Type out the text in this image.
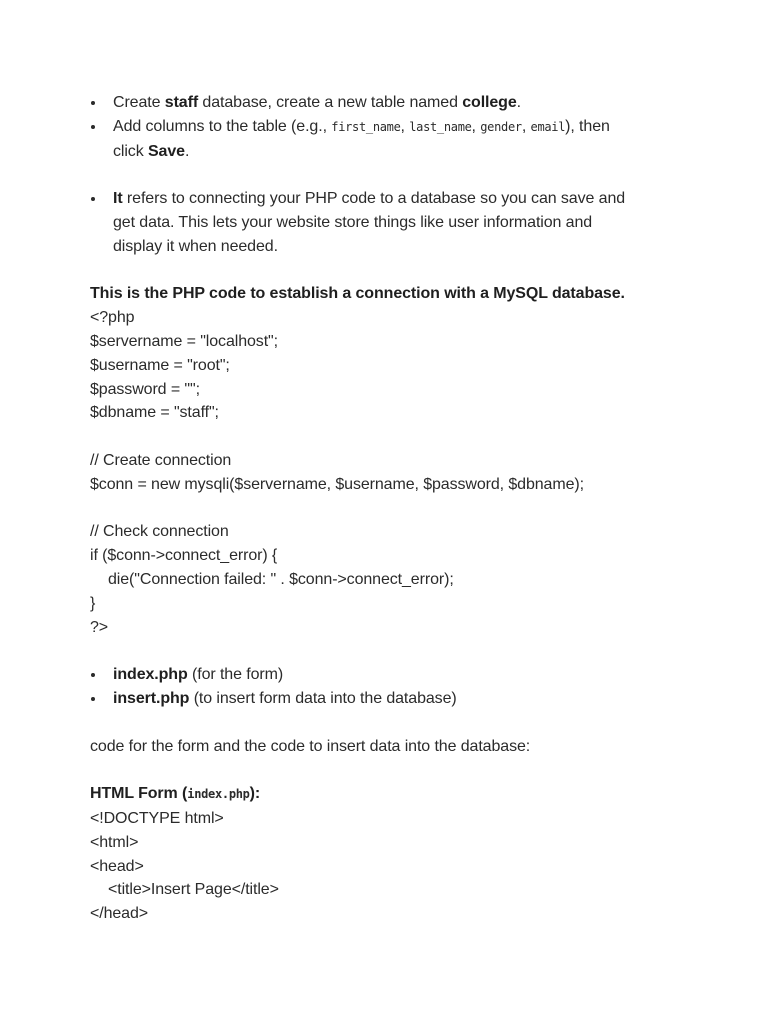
Create staff database, create a new table named college.
Add columns to the table (e.g., first_name, last_name, gender, email), then
click Save.
It refers to connecting your PHP code to a database so you can save and
get data. This lets your website store things like user information and
display it when needed.
This is the PHP code to establish a connection with a MySQL database.
<?php
$servername = "localhost";
$username = "root";
$password = "";
$dbname = "staff";
// Create connection
$conn = new mysqli($servername, $username, $password, $dbname);
// Check connection
if ($conn->connect_error) {
die("Connection failed: " . $conn->connect_error);
}
?>
index.php (for the form)
insert.php (to insert form data into the database)
code for the form and the code to insert data into the database:
HTML Form (index.php):
<!DOCTYPE html>
<html>
<head>
<title>Insert Page</title>
</head>
